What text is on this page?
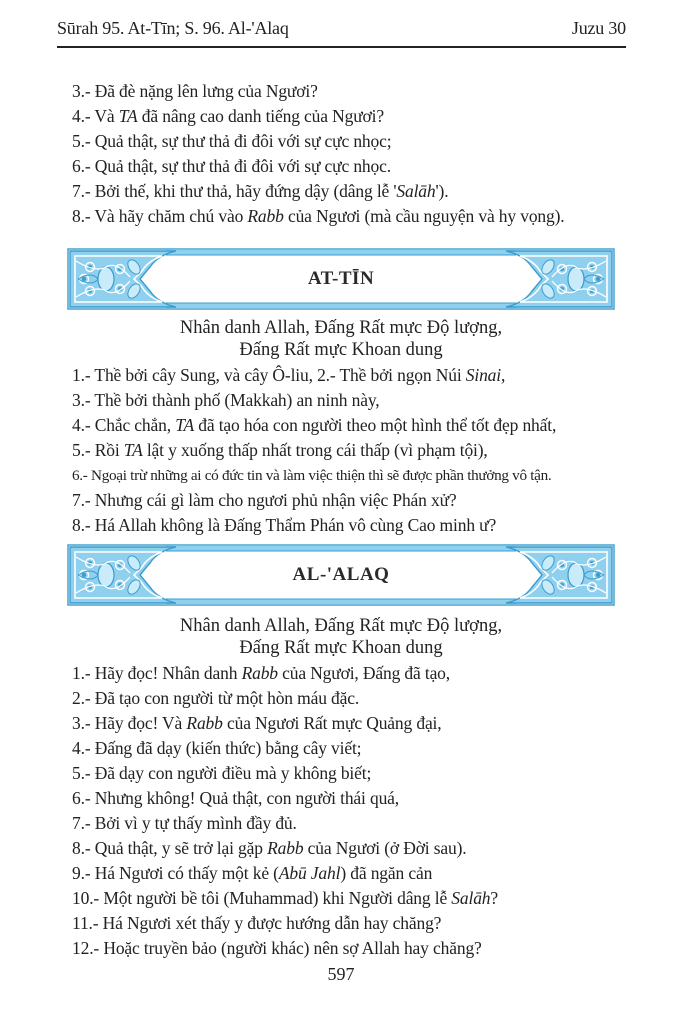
Sūrah 95. At-Tīn; S. 96. Al-'Alaq	Juzu 30
3.- Đã đè nặng lên lưng của Ngươi?
4.- Và TA đã nâng cao danh tiếng của Ngươi?
5.- Quả thật, sự thư thả đi đôi với sự cực nhọc;
6.- Quả thật, sự thư thả đi đôi với sự cực nhọc.
7.- Bởi thế, khi thư thả, hãy đứng dậy (dâng lễ 'Salāh').
8.- Và hãy chăm chú vào Rabb của Ngươi (mà cầu nguyện và hy vọng).
AT-TĪN
Nhân danh Allah, Đấng Rất mực Độ lượng,
Đấng Rất mực Khoan dung
1.- Thề bởi cây Sung, và cây Ô-liu, 2.- Thề bởi ngọn Núi Sinai,
3.- Thề bởi thành phố (Makkah) an ninh này,
4.- Chắc chắn, TA đã tạo hóa con người theo một hình thể tốt đẹp nhất,
5.- Rồi TA lật y xuống thấp nhất trong cái thấp (vì phạm tội),
6.- Ngoại trừ những ai có đức tin và làm việc thiện thì sẽ được phần thưởng vô tận.
7.- Nhưng cái gì làm cho ngươi phủ nhận việc Phán xử?
8.- Há Allah không là Đấng Thẩm Phán vô cùng Cao minh ư?
AL-'ALAQ
Nhân danh Allah, Đấng Rất mực Độ lượng,
Đấng Rất mực Khoan dung
1.- Hãy đọc! Nhân danh Rabb của Ngươi, Đấng đã tạo,
2.- Đã tạo con người từ một hòn máu đặc.
3.- Hãy đọc! Và Rabb của Ngươi Rất mực Quảng đại,
4.- Đấng đã dạy (kiến thức) bằng cây viết;
5.- Đã dạy con người điều mà y không biết;
6.- Nhưng không! Quả thật, con người thái quá,
7.- Bởi vì y tự thấy mình đầy đủ.
8.- Quả thật, y sẽ trở lại gặp Rabb của Ngươi (ở Đời sau).
9.- Há Ngươi có thấy một kẻ (Abū Jahl) đã ngăn cản
10.- Một người bề tôi (Muhammad) khi Người dâng lễ Salāh?
11.- Há Ngươi xét thấy y được hướng dẫn hay chăng?
12.- Hoặc truyền bảo (người khác) nên sợ Allah hay chăng?
597
